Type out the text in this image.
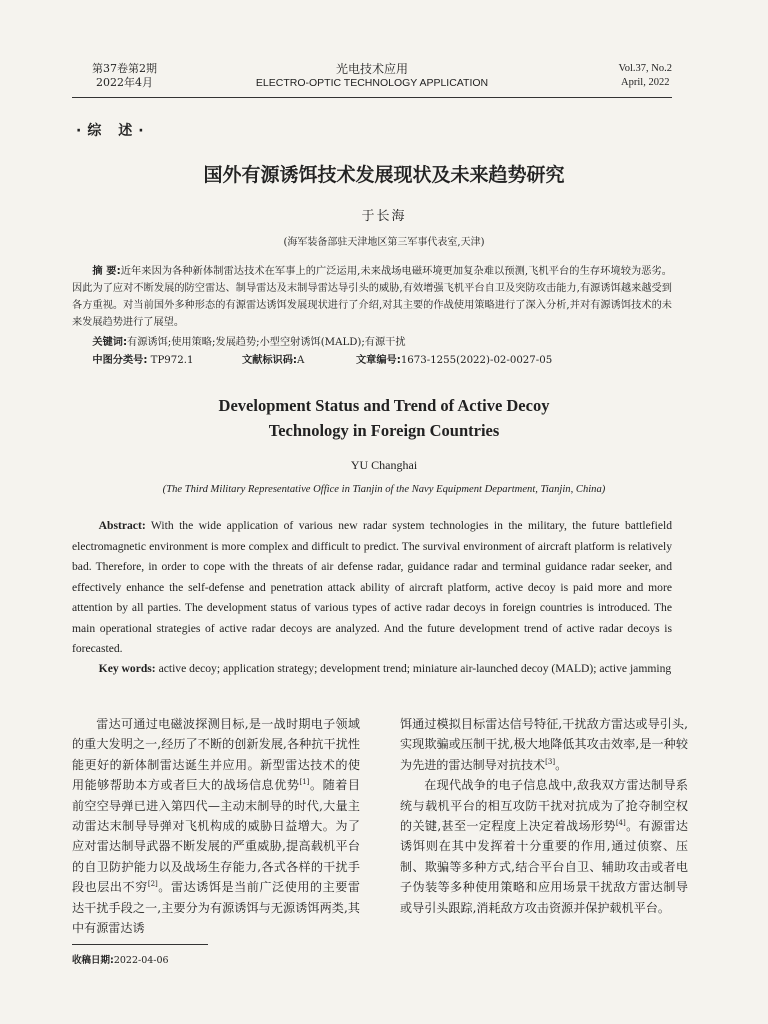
第37卷第2期
2022年4月
光电技术应用
ELECTRO-OPTIC TECHNOLOGY APPLICATION
Vol.37, No.2
April, 2022
·综 述·
国外有源诱饵技术发展现状及未来趋势研究
于长海
(海军装备部驻天津地区第三军事代表室,天津)
摘 要:近年来因为各种新体制雷达技术在军事上的广泛运用,未来战场电磁环境更加复杂难以预测,飞机平台的生存环境较为恶劣。因此为了应对不断发展的防空雷达、制导雷达及末制导雷达导引头的威胁,有效增强飞机平台自卫及突防攻击能力,有源诱饵越来越受到各方重视。对当前国外多种形态的有源雷达诱饵发展现状进行了介绍,对其主要的作战使用策略进行了深入分析,并对有源诱饵技术的未来发展趋势进行了展望。
关键词:有源诱饵;使用策略;发展趋势;小型空射诱饵(MALD);有源干扰
中图分类号: TP972.1	文献标识码:A	文章编号:1673-1255(2022)-02-0027-05
Development Status and Trend of Active Decoy
Technology in Foreign Countries
YU Changhai
(The Third Military Representative Office in Tianjin of the Navy Equipment Department, Tianjin, China)
Abstract: With the wide application of various new radar system technologies in the military, the future battlefield electromagnetic environment is more complex and difficult to predict. The survival environment of aircraft platform is relatively bad. Therefore, in order to cope with the threats of air defense radar, guidance radar and terminal guidance radar seeker, and effectively enhance the self-defense and penetration attack ability of aircraft platform, active decoy is paid more and more attention by all parties. The development status of various types of active radar decoys in foreign countries is introduced. The main operational strategies of active radar decoys are analyzed. And the future development trend of active radar decoys is forecasted.
Key words: active decoy; application strategy; development trend; miniature air-launched decoy (MALD); active jamming

雷达可通过电磁波探测目标,是一战时期电子领域的重大发明之一,经历了不断的创新发展,各种抗干扰性能更好的新体制雷达诞生并应用。新型雷达技术的使用能够帮助本方或者巨大的战场信息优势[1]。随着目前空空导弹已进入第四代—主动末制导的时代,大量主动雷达末制导导弹对飞机构成的威胁日益增大。为了应对雷达制导武器不断发展的严重威胁,提高载机平台的自卫防护能力以及战场生存能力,各式各样的干扰手段也层出不穷[2]。雷达诱饵是当前广泛使用的主要雷达干扰手段之一,主要分为有源诱饵与无源诱饵两类,其中有源雷达诱

饵通过模拟目标雷达信号特征,干扰敌方雷达或导引头,实现欺骗或压制干扰,极大地降低其攻击效率,是一种较为先进的雷达制导对抗技术[3]。

在现代战争的电子信息战中,敌我双方雷达制导系统与载机平台的相互攻防干扰对抗成为了抢夺制空权的关键,甚至一定程度上决定着战场形势[4]。有源雷达诱饵则在其中发挥着十分重要的作用,通过侦察、压制、欺骗等多种方式,结合平台自卫、辅助攻击或者电子伪装等多种使用策略和应用场景干扰敌方雷达制导或导引头跟踪,消耗敌方攻击资源并保护载机平台。

收稿日期:2022-04-06
